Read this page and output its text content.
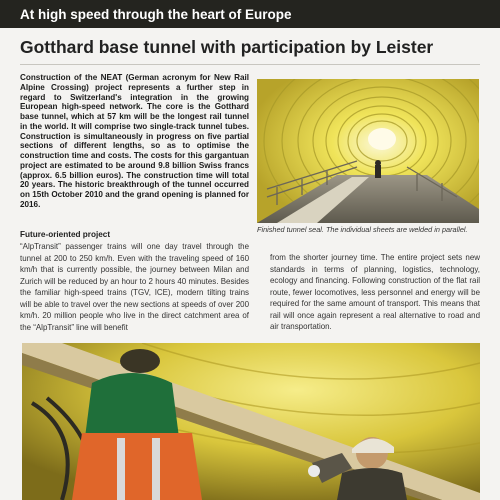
At high speed through the heart of Europe
Gotthard base tunnel with participation by Leister

Construction of the NEAT (German acronym for New Rail Alpine Crossing) project represents a further step in regard to Switzerland's integration in the growing European high-speed network. The core is the Gotthard base tunnel, which at 57 km will be the longest rail tunnel in the world. It will comprise two single-track tunnel tubes. Construction is simultaneously in progress on five partial sections of different lengths, so as to optimise the construction time and costs. The costs for this gargantuan project are estimated to be around 9.8 billion Swiss francs (approx. 6.5 billion euros). The construction time will total 20 years. The historic breakthrough of the tunnel occurred on 15th October 2010 and the grand opening is planned for 2016.

Finished tunnel seal. The individual sheets are welded in parallel.
Future-oriented project

“AlpTransit” passenger trains will one day travel through the tunnel at 200 to 250 km/h. Even with the traveling speed of 160 km/h that is currently possible, the journey between Milan and Zurich will be reduced by an hour to 2 hours 40 minutes. Besides the familiar high-speed trains (TGV, ICE), modern tilting trains will be able to travel over the new sections at speeds of over 200 km/h. 20 million people who live in the direct catchment area of the “AlpTransit” line will benefit

from the shorter journey time. The entire project sets new standards in terms of planning, logistics, technology, ecology and financing. Following construction of the flat rail route, fewer locomotives, less personnel and energy will be required for the same amount of transport. This means that rail will once again represent a real alternative to road and air transportation.
